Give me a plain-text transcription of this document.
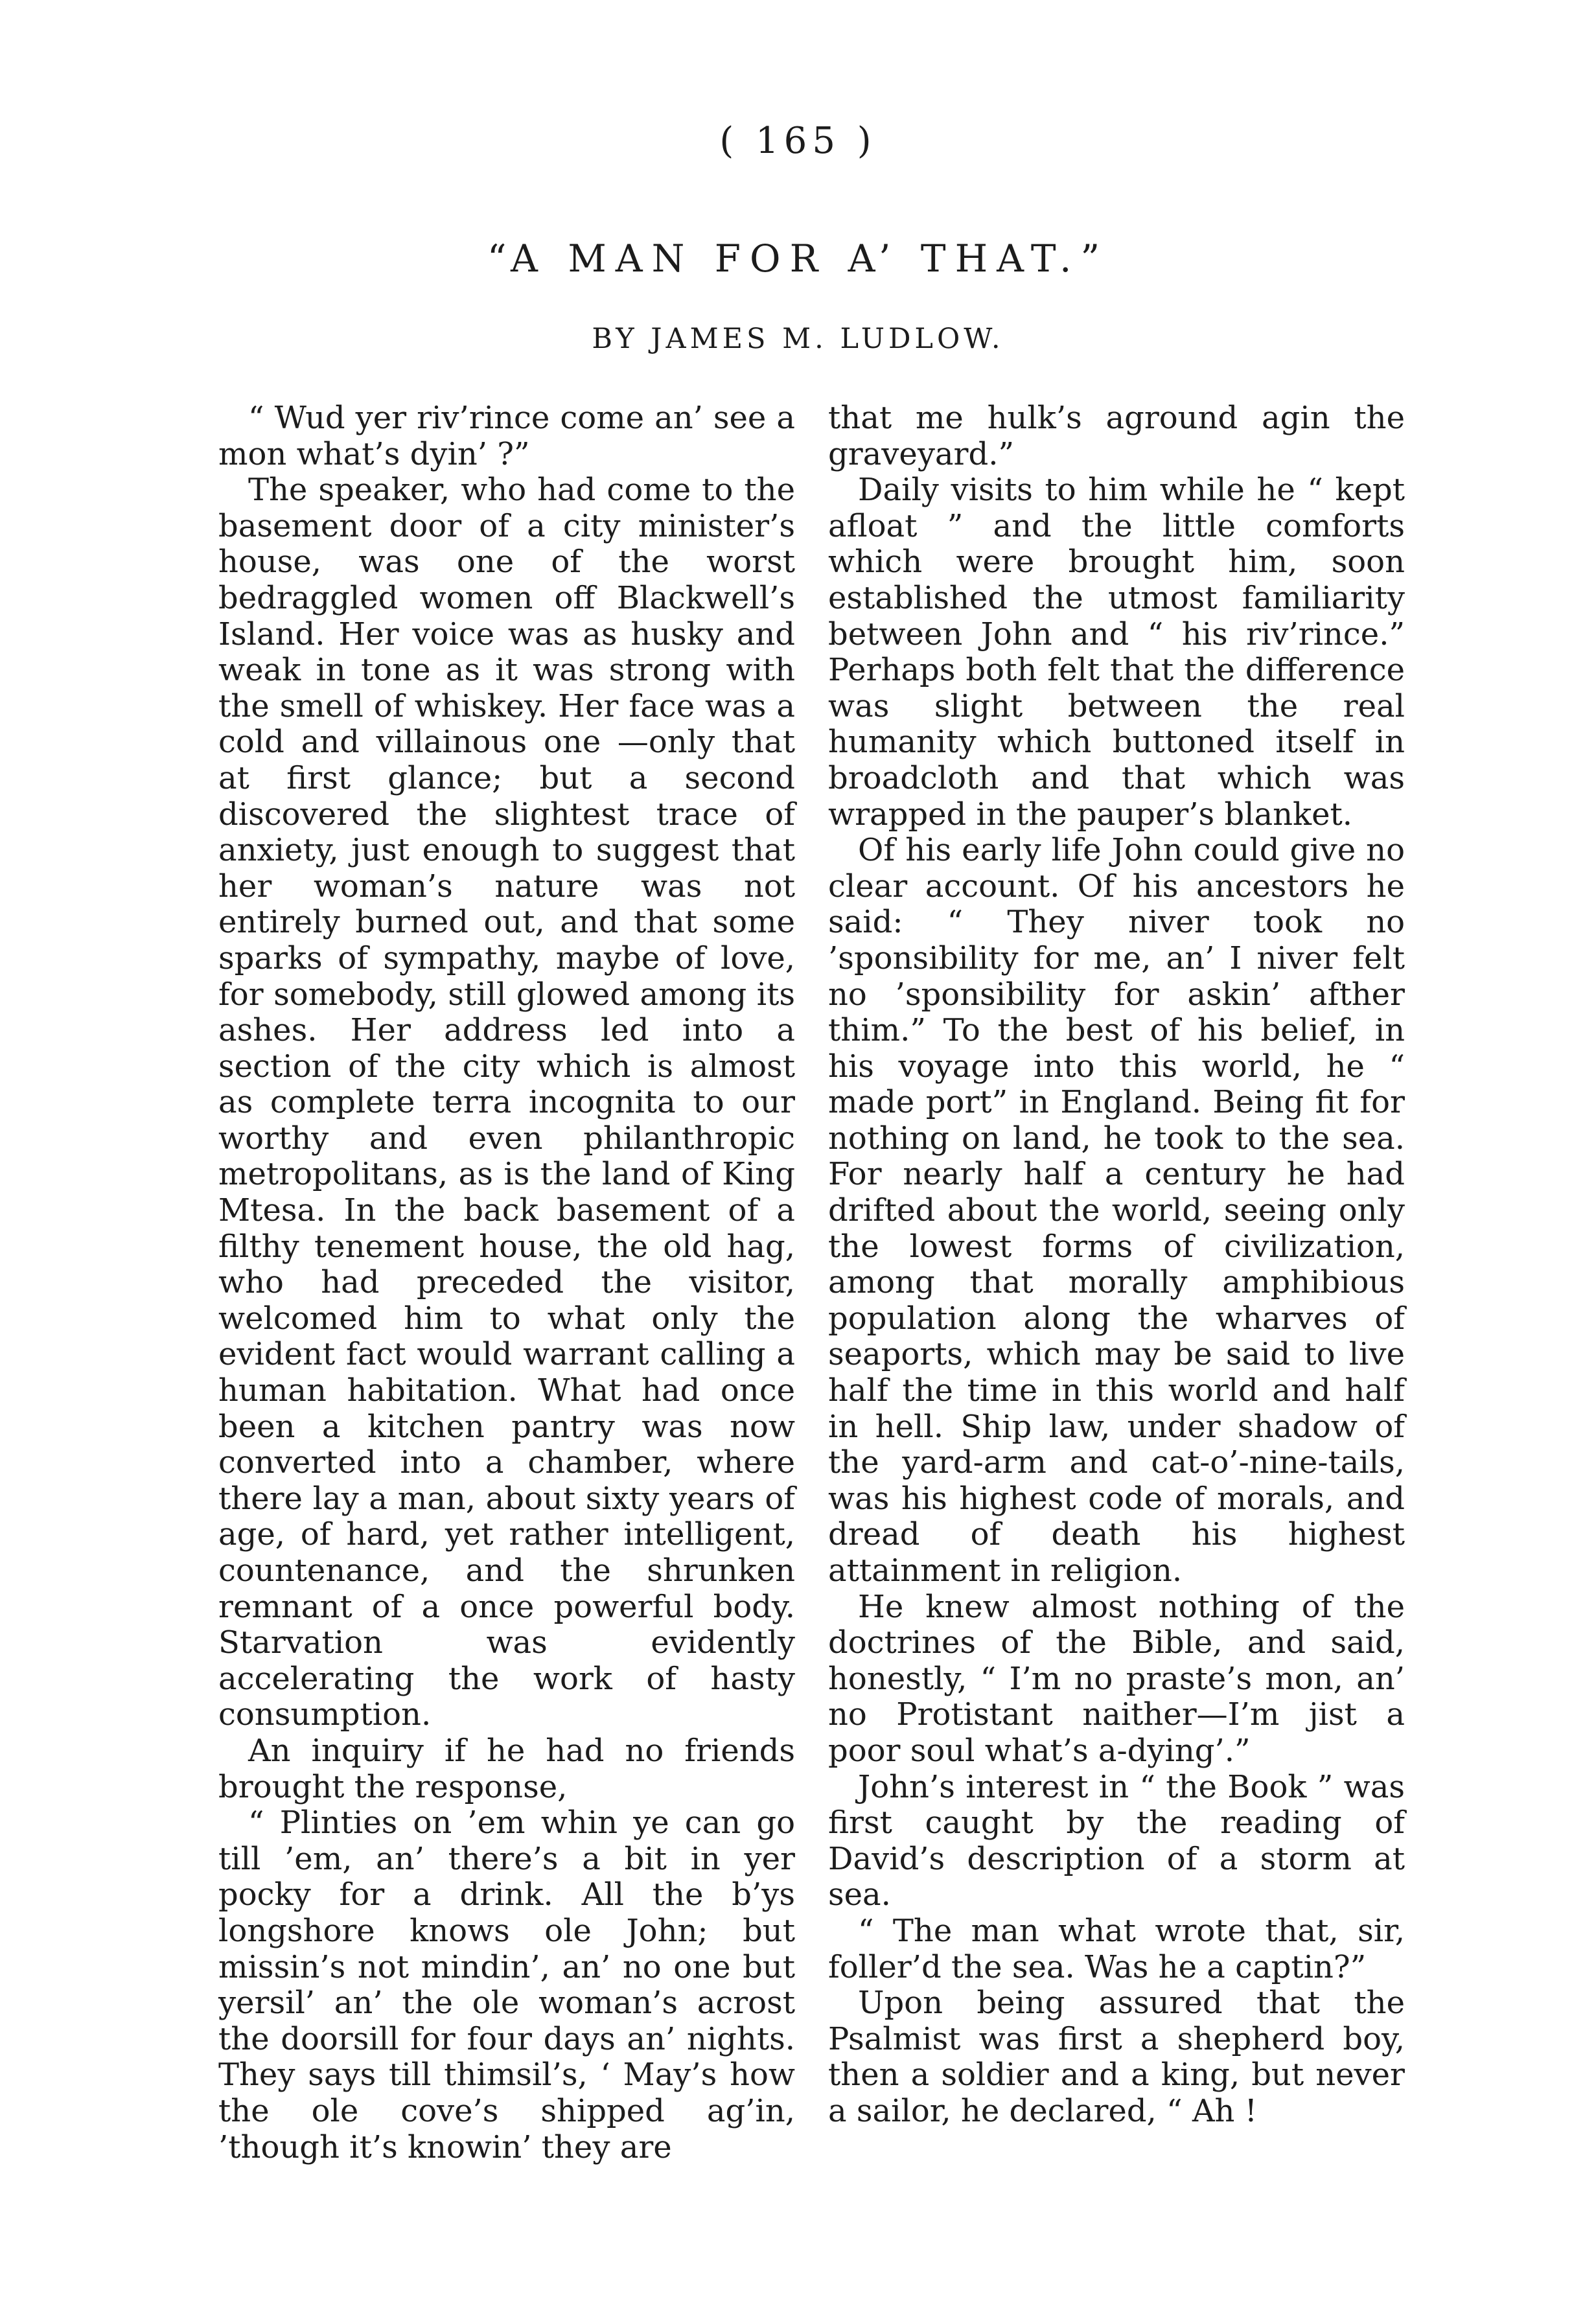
( 165 )
“A MAN FOR A’ THAT.”
BY JAMES M. LUDLOW.

“ Wud yer riv’rince come an’ see a mon what’s dyin’ ?”

The speaker, who had come to the basement door of a city minister’s house, was one of the worst bedraggled women off Blackwell’s Island. Her voice was as husky and weak in tone as it was strong with the smell of whiskey. Her face was a cold and villainous one —only that at first glance; but a second discovered the slightest trace of anxiety, just enough to suggest that her woman’s nature was not entirely burned out, and that some sparks of sympathy, maybe of love, for somebody, still glowed among its ashes. Her address led into a section of the city which is almost as complete terra incognita to our worthy and even philanthropic metropolitans, as is the land of King Mtesa. In the back basement of a filthy tenement house, the old hag, who had preceded the visitor, welcomed him to what only the evident fact would warrant calling a human habitation. What had once been a kitchen pantry was now converted into a chamber, where there lay a man, about sixty years of age, of hard, yet rather intelligent, countenance, and the shrunken remnant of a once powerful body. Starvation was evidently accelerating the work of hasty consumption.

An inquiry if he had no friends brought the response,

“ Plinties on ’em whin ye can go till ’em, an’ there’s a bit in yer pocky for a drink. All the b’ys longshore knows ole John; but missin’s not mindin’, an’ no one but yersil’ an’ the ole woman’s acrost the doorsill for four days an’ nights. They says till thimsil’s, ‘ May’s how the ole cove’s shipped ag’in, ’though it’s knowin’ they are

that me hulk’s aground agin the graveyard.”

Daily visits to him while he “ kept afloat ” and the little comforts which were brought him, soon established the utmost familiarity between John and “ his riv’rince.” Perhaps both felt that the difference was slight between the real humanity which buttoned itself in broadcloth and that which was wrapped in the pauper’s blanket.

Of his early life John could give no clear account. Of his ancestors he said: “ They niver took no ’sponsibility for me, an’ I niver felt no ’sponsibility for askin’ afther thim.” To the best of his belief, in his voyage into this world, he “ made port” in England. Being fit for nothing on land, he took to the sea. For nearly half a century he had drifted about the world, seeing only the lowest forms of civilization, among that morally amphibious population along the wharves of seaports, which may be said to live half the time in this world and half in hell. Ship law, under shadow of the yard-arm and cat-o’-nine-tails, was his highest code of morals, and dread of death his highest attainment in religion.

He knew almost nothing of the doctrines of the Bible, and said, honestly, “ I’m no praste’s mon, an’ no Protistant naither—I’m jist a poor soul what’s a-dying’.”

John’s interest in “ the Book ” was first caught by the reading of David’s description of a storm at sea.

“ The man what wrote that, sir, foller’d the sea. Was he a captin?”

Upon being assured that the Psalmist was first a shepherd boy, then a soldier and a king, but never a sailor, he declared, “ Ah !
